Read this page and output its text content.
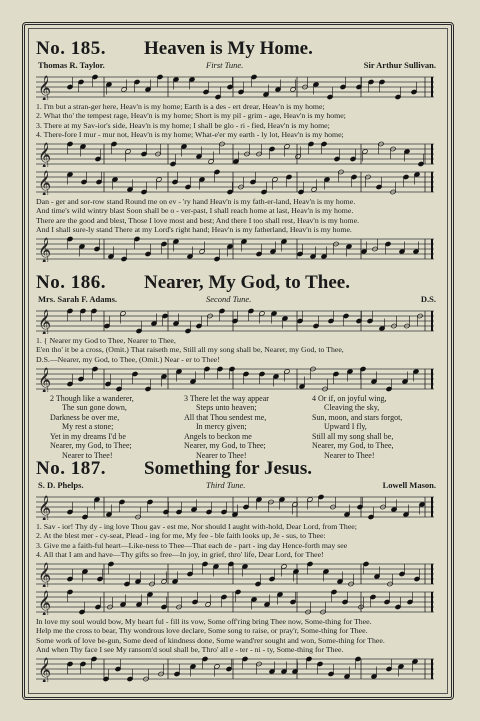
No. 185. Heaven is My Home.
Thomas R. Taylor.	First Tune.	Sir Arthur Sullivan.
𝄞
1. I'm but a stran-ger here, Heav'n is my home; Earth is a des - ert drear, Heav'n is my home;
2. What tho' the tempest rage, Heav'n is my home; Short is my pil - grim - age, Heav'n is my home;
3. There at my Sav-ior's side, Heav'n is my home; I shall be glo - ri - fied, Heav'n is my home;
4. There-fore I mur - mur not, Heav'n is my home; What-e'er my earth - ly lot, Heav'n is my home;
𝄞
𝄞
Dan - ger and sor-row stand Round me on ev - 'ry hand Heav'n is my fath-er-land, Heav'n is my home.
And time's wild wintry blast Soon shall be o - ver-past, I shall reach home at last, Heav'n is my home.
There are the good and blest, Those I love most and best; And there I too shall rest, Heav'n is my home.
And I shall sure-ly stand There at my Lord's right hand; Heav'n is my fatherland, Heav'n is my home.
𝄞
No. 186. Nearer, My God, to Thee.
Mrs. Sarah F. Adams.	Second Tune.	D.S.
𝄞
1. { Nearer my God to Thee, Nearer to Thee,
E'en tho' it be a cross, (Omit.) That raiseth me, Still all my song shall be, Nearer, my God, to Thee,
D.S.—Nearer, my God, to Thee, (Omit.) Near - er to Thee!
𝄞
2 Though like a wanderer,
The sun gone down,
Darkness be over me,
My rest a stone;
Yet in my dreams I'd be
Nearer, my God, to Thee;
Nearer to Thee!
3 There let the way appear
Steps unto heaven;
All that Thou sendest me,
In mercy given;
Angels to beckon me
Nearer, my God, to Thee;
Nearer to Thee!
4 Or if, on joyful wing,
Cleaving the sky,
Sun, moon, and stars forgot,
Upward I fly,
Still all my song shall be,
Nearer, my God, to Thee,
Nearer to Thee!
No. 187. Something for Jesus.
S. D. Phelps.	Third Tune.	Lowell Mason.
𝄞
1. Sav - ior! Thy dy - ing love Thou gav - est me, Nor should I aught with-hold, Dear Lord, from Thee;
2. At the blest mer - cy-seat, Plead - ing for me, My fee - ble faith looks up, Je - sus, to Thee:
3. Give me a faith-ful heart—Like-ness to Thee—That each de - part - ing day Hence-forth may see
4. All that I am and have—Thy gifts so free—In joy, in grief, thro' life, Dear Lord, for Thee!
𝄞
𝄞
In love my soul would bow, My heart ful - fill its vow, Some off'ring bring Thee now, Some-thing for Thee.
Help me the cross to bear, Thy wondrous love declare, Some song to raise, or pray'r, Some-thing for Thee.
Some work of love be-gun, Some deed of kindness done, Some wand'rer sought and won, Some-thing for Thee.
And when Thy face I see My ransom'd soul shall be, Thro' all e - ter - ni - ty, Some-thing for Thee.
𝄞
